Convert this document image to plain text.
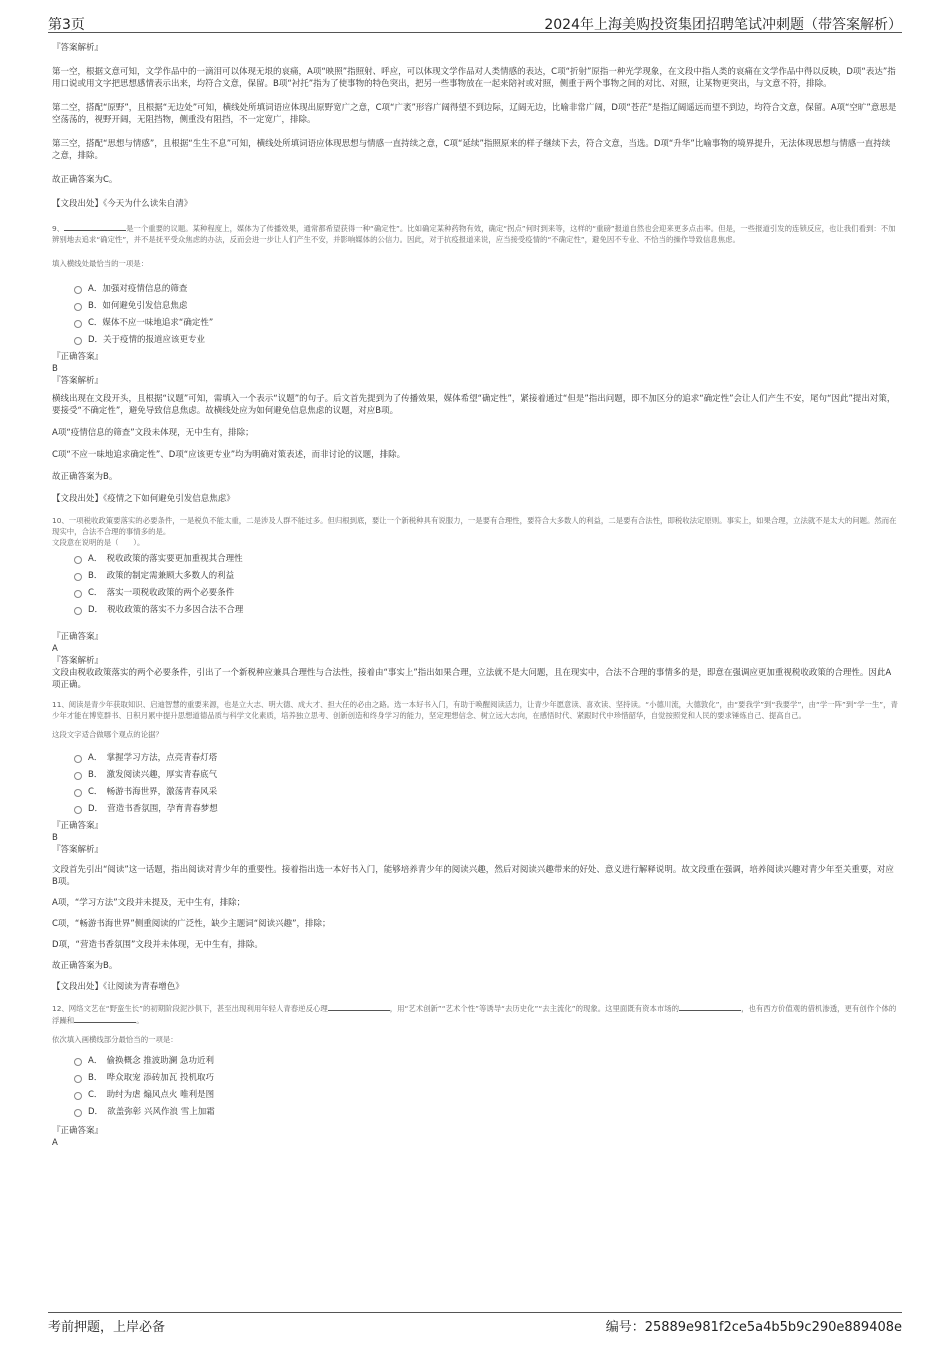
第3页	2024年上海美购投资集团招聘笔试冲刺题（带答案解析）

『答案解析』

第一空，根据文意可知，文学作品中的一滴泪可以体现无垠的哀痛，A项“映照”指照射、呼应，可以体现文学作品对人类情感的表达，C项“折射”原指一种光学现象，在文段中指人类的哀痛在文学作品中得以反映，D项“表达”指用口说或用文字把思想感情表示出来，均符合文意，保留。B项“衬托”指为了使事物的特色突出，把另一些事物放在一起来陪衬或对照，侧重于两个事物之间的对比、对照，让某物更突出，与文意不符，排除。

第二空，搭配“原野”，且根据“无边处”可知，横线处所填词语应体现出原野宽广之意，C项“广袤”形容广阔得望不到边际，辽阔无边，比喻非常广阔，D项“苍茫”是指辽阔遥远而望不到边，均符合文意，保留。A项“空旷”意思是空荡荡的，视野开阔，无阻挡物，侧重没有阻挡，不一定宽广，排除。

第三空，搭配“思想与情感”，且根据“生生不息”可知，横线处所填词语应体现思想与情感一直持续之意，C项“延续”指照原来的样子继续下去，符合文意，当选。D项“升华”比喻事物的境界提升，无法体现思想与情感一直持续之意，排除。

故正确答案为C。

【文段出处】《今天为什么读朱自清》

9、	是一个重要的议题。某种程度上，媒体为了传播效果，通常都希望获得一种“确定性”。比如确定某种药物有效，确定“拐点”何时到来等，这样的“重磅”报道自然也会迎来更多点击率。但是，一些报道引发的连锁反应，也让我们看到：不加辨别地去追求“确定性”，并不是抚平受众焦虑的办法，反而会进一步让人们产生不安，并影响媒体的公信力。因此，对于抗疫报道来说，应当接受疫情的“不确定性”，避免因不专业、不恰当的操作导致信息焦虑。

填入横线处最恰当的一项是：

A．加强对疫情信息的筛查
B．如何避免引发信息焦虑
C．媒体不应一味地追求“确定性”
D．关于疫情的报道应该更专业

『正确答案』

B

『答案解析』

横线出现在文段开头，且根据“议题”可知，需填入一个表示“议题”的句子。后文首先提到为了传播效果，媒体希望“确定性”，紧接着通过“但是”指出问题，即不加区分的追求“确定性”会让人们产生不安，尾句“因此”提出对策，要接受“不确定性”，避免导致信息焦虑。故横线处应为如何避免信息焦虑的议题，对应B项。

A项“疫情信息的筛查”文段未体现，无中生有，排除；

C项“不应一味地追求确定性”、D项“应该更专业”均为明确对策表述，而非讨论的议题，排除。

故正确答案为B。

【文段出处】《疫情之下如何避免引发信息焦虑》

10、一项税收政策要落实的必要条件，一是税负不能太重，二是涉及人群不能过多。但归根到底，要让一个新税种具有说服力，一是要有合理性，要符合大多数人的利益，二是要有合法性，即税收法定原则。事实上，如果合理，立法就不是太大的问题。然而在现实中，合法不合理的事情多的是。

文段意在说明的是（　　）。

A．　税收政策的落实要更加重视其合理性
B．　政策的制定需兼顾大多数人的利益
C．　落实一项税收政策的两个必要条件
D．　税收政策的落实不力多因合法不合理

『正确答案』

A

『答案解析』

文段由税收政策落实的两个必要条件，引出了一个新税种应兼具合理性与合法性，接着由“事实上”指出如果合理，立法就不是大问题，且在现实中，合法不合理的事情多的是，即意在强调应更加重视税收政策的合理性。因此A项正确。

11、阅读是青少年获取知识、启迪智慧的重要来源，也是立大志、明大德、成大才、担大任的必由之路。选一本好书入门，有助于唤醒阅读活力，让青少年愿意读、喜欢读、坚持读。“小德川流，大德敦化”，由“要我学”到“我要学”，由“学一阵”到“学一生”，青少年才能在博览群书、日积月累中提升思想道德品质与科学文化素质，培养独立思考、创新创造和终身学习的能力，坚定理想信念、树立远大志向，在感悟时代、紧跟时代中珍惜韶华，自觉按照党和人民的要求锤炼自己、提高自己。

这段文字适合做哪个观点的论据？

A．　掌握学习方法，点亮青春灯塔
B．　激发阅读兴趣，厚实青春底气
C．　畅游书海世界，激荡青春风采
D．　营造书香氛围，孕育青春梦想

『正确答案』

B

『答案解析』

文段首先引出“阅读”这一话题，指出阅读对青少年的重要性。接着指出选一本好书入门，能够培养青少年的阅读兴趣，然后对阅读兴趣带来的好处、意义进行解释说明。故文段重在强调，培养阅读兴趣对青少年至关重要，对应B项。

A项，“学习方法”文段并未提及，无中生有，排除；

C项，“畅游书海世界”侧重阅读的广泛性，缺少主题词“阅读兴趣”，排除；

D项，“营造书香氛围”文段并未体现，无中生有，排除。

故正确答案为B。

【文段出处】《让阅读为青春增色》

12、网络文艺在“野蛮生长”的初期阶段泥沙俱下，甚至出现利用年轻人青春逆反心理	，用“艺术创新”“艺术个性”等诱导“去历史化”“去主流化”的现象。这里面既有资本市场的	，也有西方价值观的借机渗透，更有创作个体的浮躁和	。

依次填入画横线部分最恰当的一项是：

A．　偷换概念 推波助澜 急功近利
B．　哗众取宠 添砖加瓦 投机取巧
C．　助纣为虐 煽风点火 唯利是图
D．　欲盖弥彰 兴风作浪 雪上加霜

『正确答案』

A

考前押题，上岸必备	编号：25889e981f2ce5a4b5b9c290e889408e
